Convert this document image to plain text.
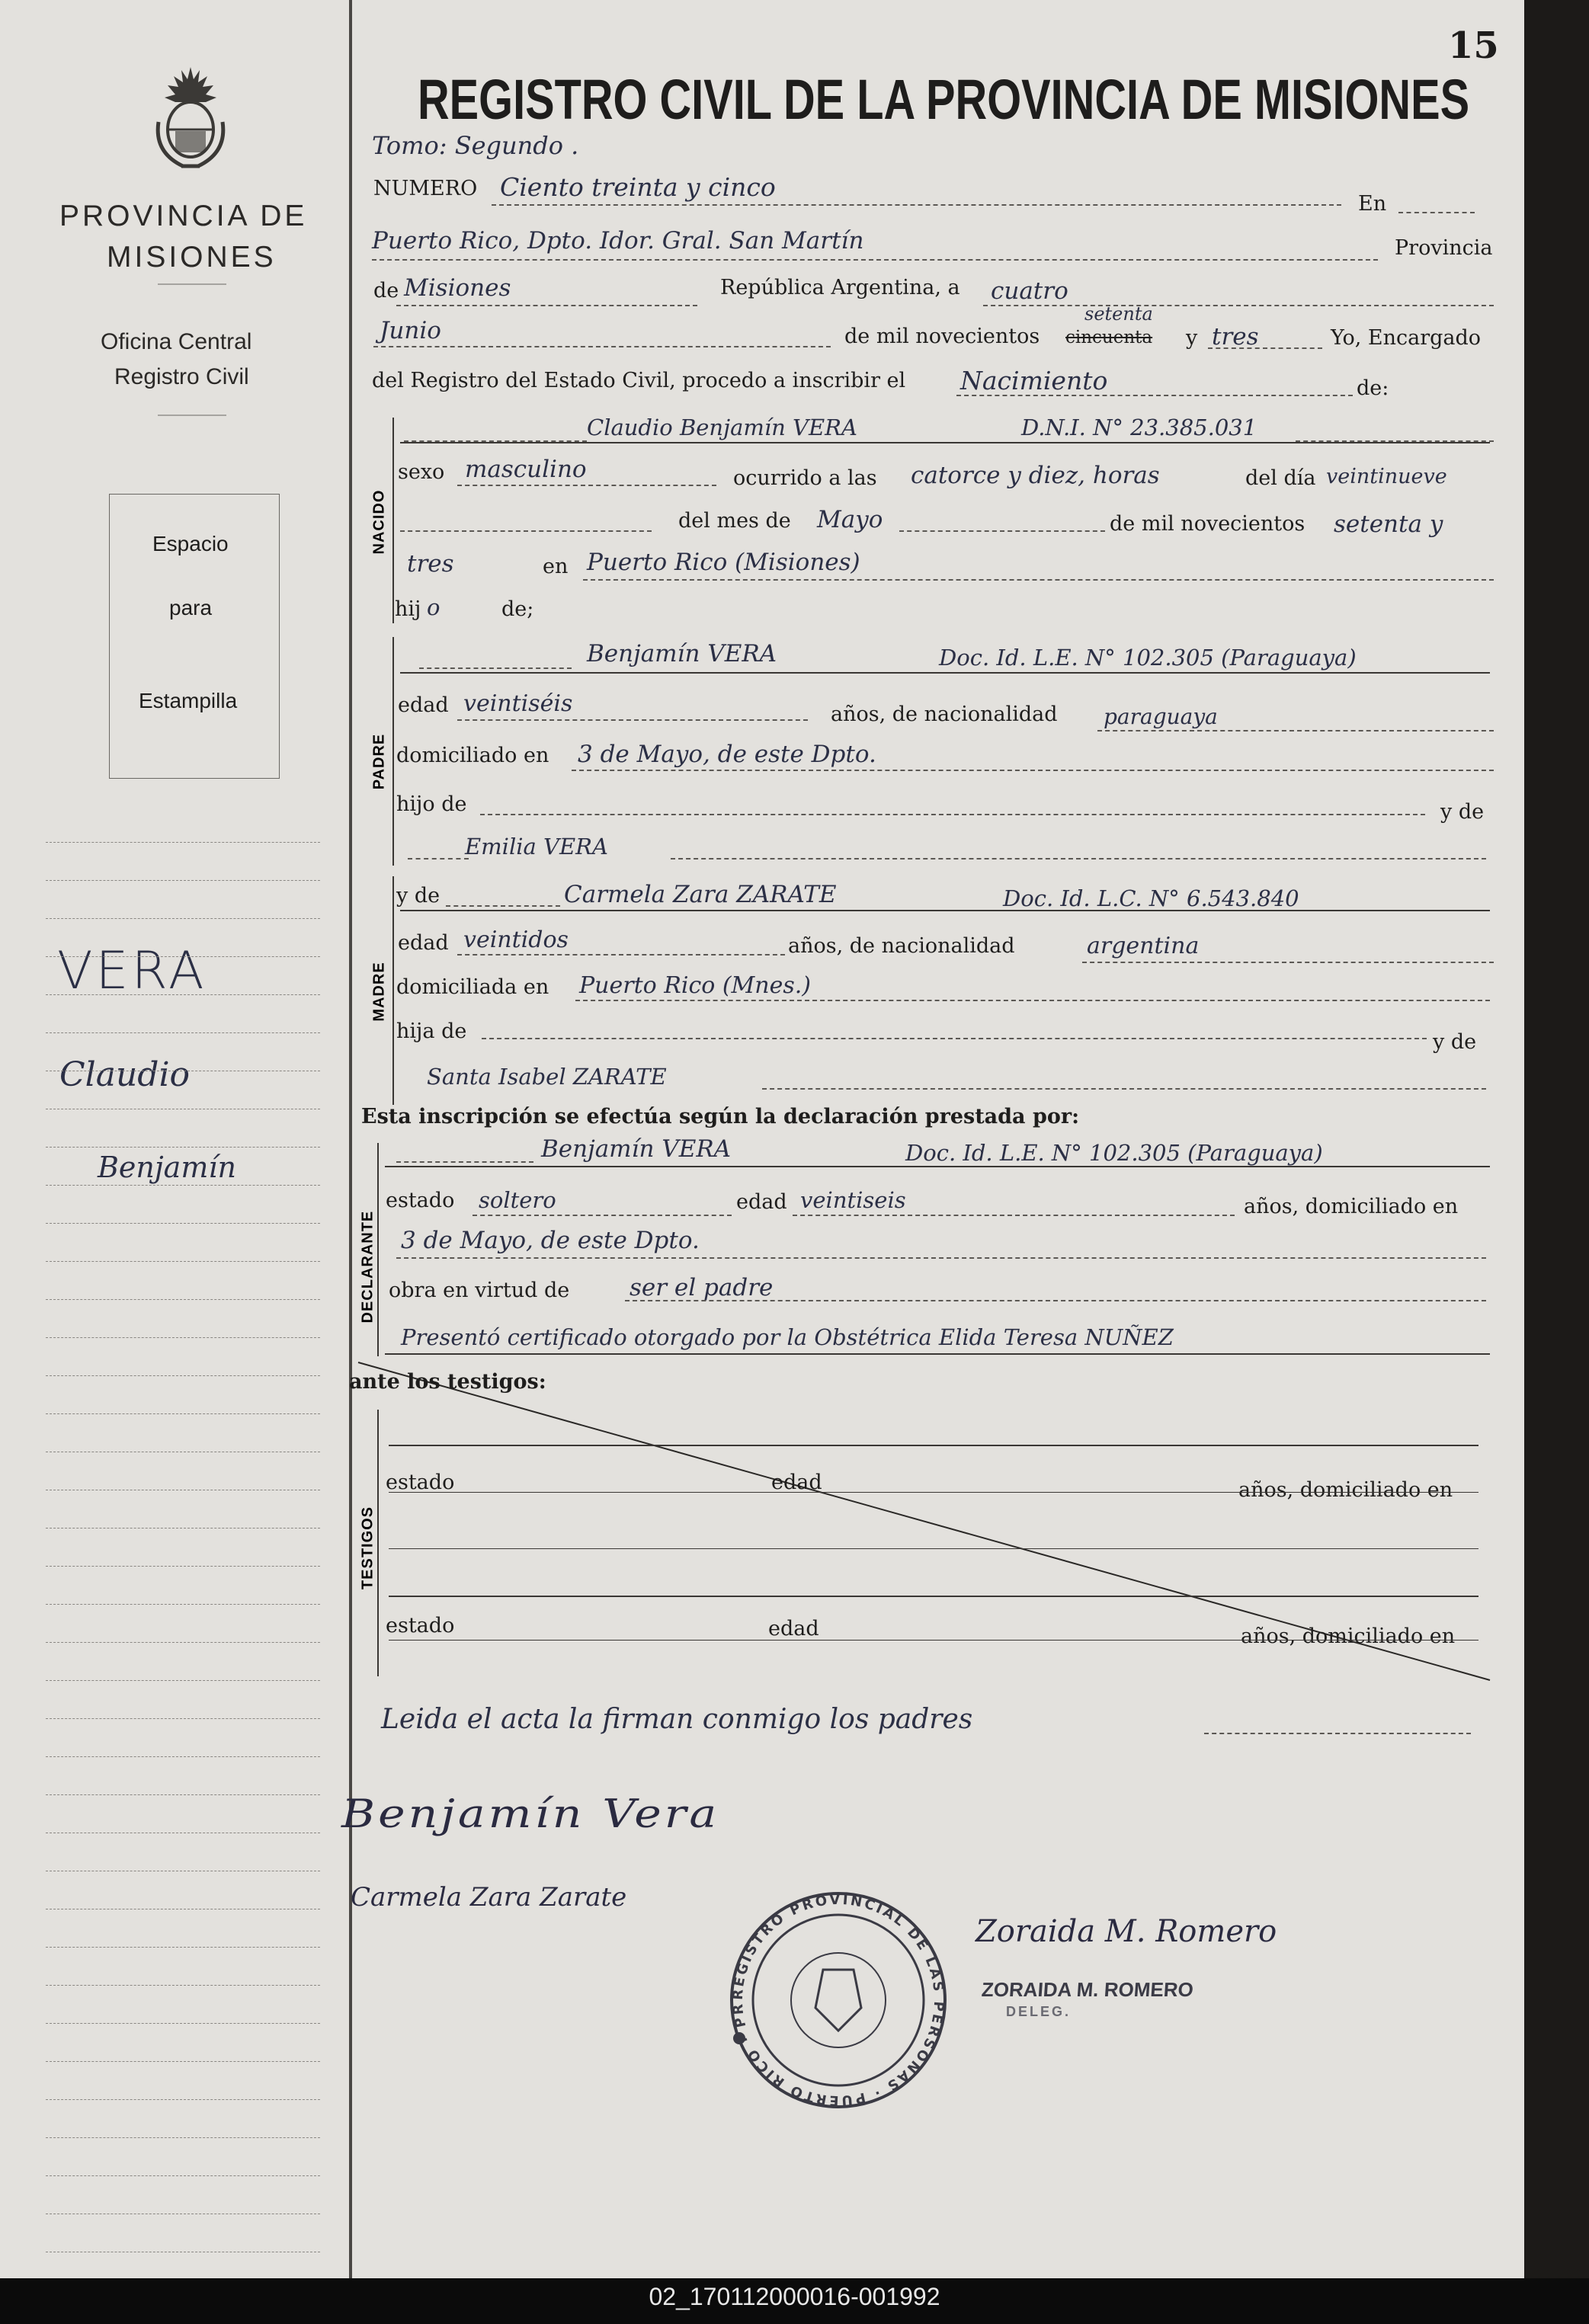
REGISTRO PROVINCIAL DE LAS PERSONAS · PUERTO RICO · PROVINCIA DE MISIONES
PROVINCIA DE
MISIONES
Oficina Central
Registro Civil
Espacio
para
Estampilla
VERA
Claudio
Benjamín
15
REGISTRO CIVIL DE LA PROVINCIA DE MISIONES
Tomo: Segundo .
NUMERO Ciento treinta y cinco
En
Puerto Rico, Dpto. Idor. Gral. San Martín	Provincia
de Misiones	República Argentina, a cuatro
Junio	de mil novecientos cincuenta
setenta
y tres	Yo, Encargado
del Registro del Estado Civil, procedo a inscribir el Nacimiento	de:
NACIDO
Claudio Benjamín VERA	D.N.I. N° 23.385.031
sexo masculino	ocurrido a las catorce y diez, horas	del día veintinueve
del mes de Mayo	de mil novecientos setenta y
tres	en Puerto Rico (Misiones)
hij o	de;
PADRE
Benjamín VERA	Doc. Id. L.E. N° 102.305 (Paraguaya)
edad veintiséis	años, de nacionalidad paraguaya
domiciliado en 3 de Mayo, de este Dpto.
hijo de	y de
Emilia VERA
MADRE
y de	Carmela Zara ZARATE	Doc. Id. L.C. N° 6.543.840
edad veintidos	años, de nacionalidad	argentina
domiciliada en Puerto Rico (Mnes.)
hija de	y de
Santa Isabel ZARATE
Esta inscripción se efectúa según la declaración prestada por:
DECLARANTE
Benjamín VERA	Doc. Id. L.E. N° 102.305 (Paraguaya)
estado soltero	edad veintiseis	años, domiciliado en
3 de Mayo, de este Dpto.
obra en virtud de	ser el padre
Presentó certificado otorgado por la Obstétrica Elida Teresa NUÑEZ
ante los testigos:
TESTIGOS
estado	edad	años, domiciliado en
estado	edad	años, domiciliado en
Leida el acta la firman conmigo los padres
Benjamín Vera
Carmela Zara Zarate
Zoraida M. Romero
ZORAIDA M. ROMERO
DELEG.
02_170112000016-001992
